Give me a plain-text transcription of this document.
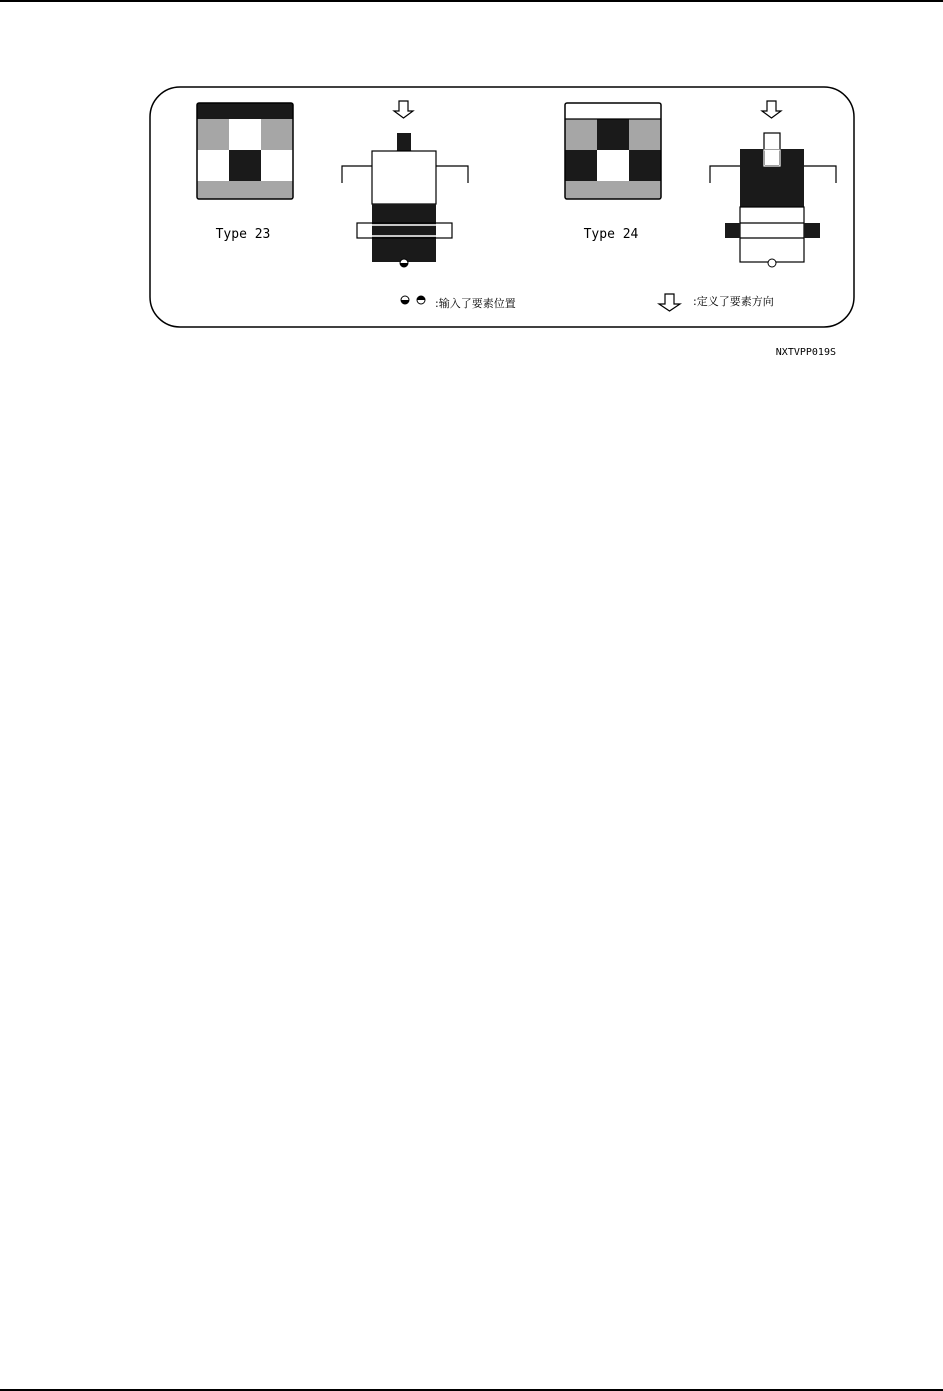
Type 23	Type 24
:输入了要素位置	:定义了要素方向
NXTVPP019S
